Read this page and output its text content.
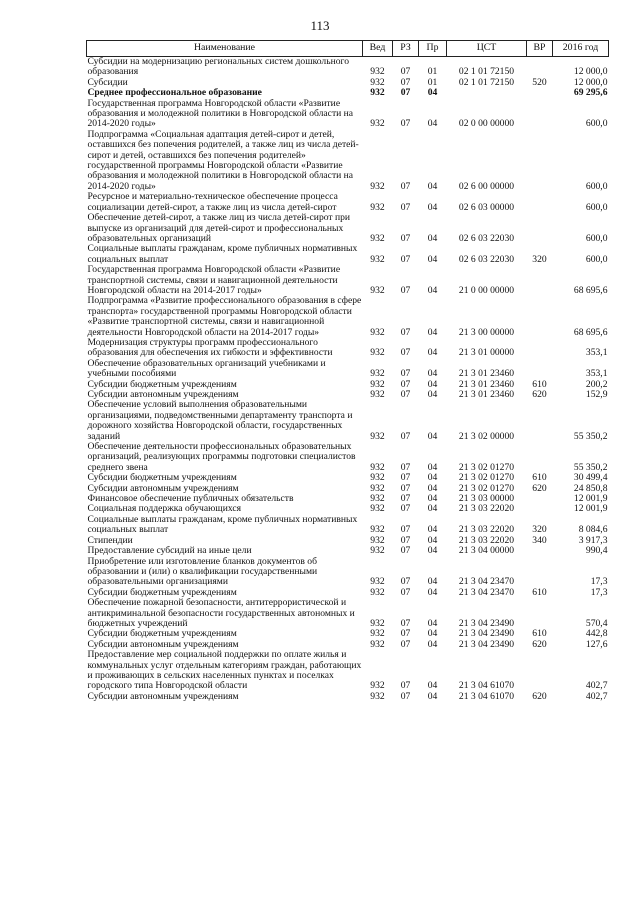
113
Наименование	Вед	РЗ	Пр	ЦСТ	ВР	2016 год
Субсидии на модернизацию региональных систем дошкольного образования	932	07	01	02 1 01 72150		12 000,0
Субсидии	932	07	01	02 1 01 72150	520	12 000,0
Среднее профессиональное образование	932	07	04			69 295,6
Государственная программа Новгородской области «Развитие образования и молодежной политики в Новгородской области на 2014-2020 годы»	932	07	04	02 0 00 00000		600,0
Подпрограмма «Социальная адаптация детей-сирот и детей, оставшихся без попечения родителей, а также лиц из числа детей-сирот и детей, оставшихся без попечения родителей» государственной программы Новгородской области «Развитие образования и молодежной политики в Новгородской области на 2014-2020 годы»	932	07	04	02 6 00 00000		600,0
Ресурсное и материально-техническое обеспечение процесса социализации детей-сирот, а также лиц из числа детей-сирот	932	07	04	02 6 03 00000		600,0
Обеспечение детей-сирот, а также лиц из числа детей-сирот при выпуске из организаций для детей-сирот и профессиональных образовательных организаций	932	07	04	02 6 03 22030		600,0
Социальные выплаты гражданам, кроме публичных нормативных социальных выплат	932	07	04	02 6 03 22030	320	600,0
Государственная программа Новгородской области «Развитие транспортной системы, связи и навигационной деятельности Новгородской области на 2014-2017 годы»	932	07	04	21 0 00 00000		68 695,6
Подпрограмма «Развитие профессионального образования в сфере транспорта» государственной программы Новгородской области «Развитие транспортной системы, связи и навигационной деятельности Новгородской области на 2014-2017 годы»	932	07	04	21 3 00 00000		68 695,6
Модернизация структуры программ профессионального образования для обеспечения их гибкости и эффективности	932	07	04	21 3 01 00000		353,1
Обеспечение образовательных организаций учебниками и учебными пособиями	932	07	04	21 3 01 23460		353,1
Субсидии бюджетным учреждениям	932	07	04	21 3 01 23460	610	200,2
Субсидии автономным учреждениям	932	07	04	21 3 01 23460	620	152,9
Обеспечение условий выполнения образовательными организациями, подведомственными департаменту транспорта и дорожного хозяйства Новгородской области, государственных заданий	932	07	04	21 3 02 00000		55 350,2
Обеспечение деятельности профессиональных образовательных организаций, реализующих программы подготовки специалистов среднего звена	932	07	04	21 3 02 01270		55 350,2
Субсидии бюджетным учреждениям	932	07	04	21 3 02 01270	610	30 499,4
Субсидии автономным учреждениям	932	07	04	21 3 02 01270	620	24 850,8
Финансовое обеспечение публичных обязательств	932	07	04	21 3 03 00000		12 001,9
Социальная поддержка обучающихся	932	07	04	21 3 03 22020		12 001,9
Социальные выплаты гражданам, кроме публичных нормативных социальных выплат	932	07	04	21 3 03 22020	320	8 084,6
Стипендии	932	07	04	21 3 03 22020	340	3 917,3
Предоставление субсидий на иные цели	932	07	04	21 3 04 00000		990,4
Приобретение или изготовление бланков документов об образовании и (или) о квалификации государственными образовательными организациями	932	07	04	21 3 04 23470		17,3
Субсидии бюджетным учреждениям	932	07	04	21 3 04 23470	610	17,3
Обеспечение пожарной безопасности, антитеррористической и антикриминальной безопасности государственных автономных и бюджетных учреждений	932	07	04	21 3 04 23490		570,4
Субсидии бюджетным учреждениям	932	07	04	21 3 04 23490	610	442,8
Субсидии автономным учреждениям	932	07	04	21 3 04 23490	620	127,6
Предоставление мер социальной поддержки по оплате жилья и коммунальных услуг отдельным категориям граждан, работающих и проживающих в сельских населенных пунктах и поселках городского типа Новгородской области	932	07	04	21 3 04 61070		402,7
Субсидии автономным учреждениям	932	07	04	21 3 04 61070	620	402,7
